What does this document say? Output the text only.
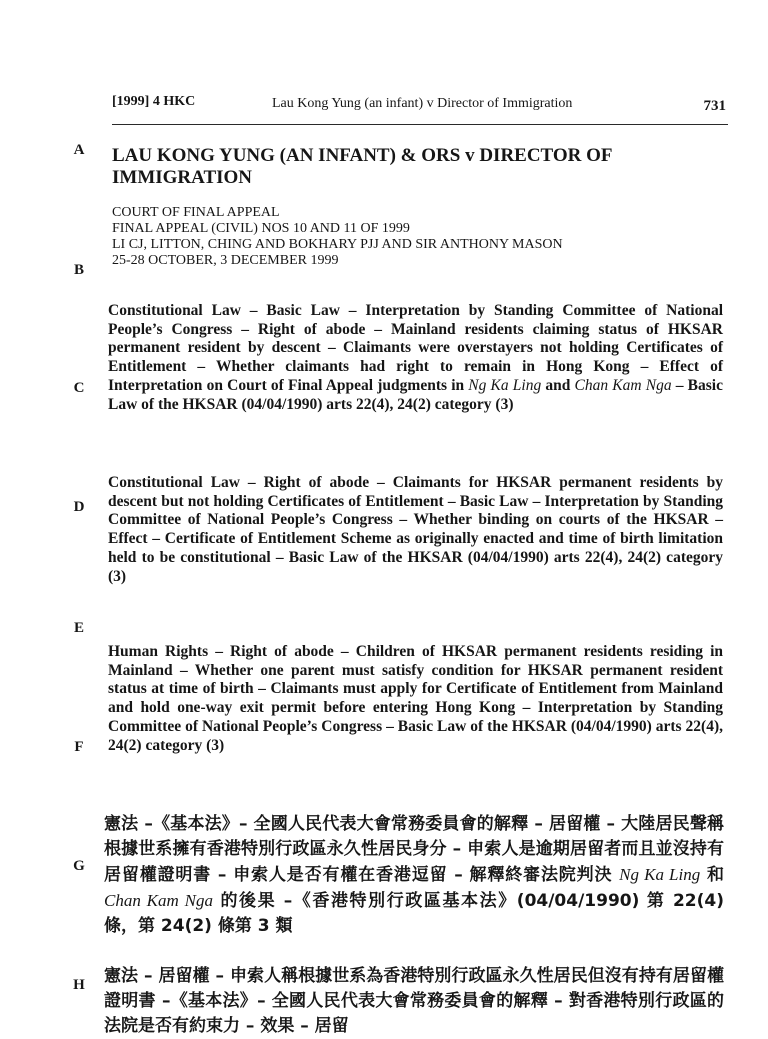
[1999] 4 HKC	Lau Kong Yung (an infant) v Director of Immigration	731
A
B
C
D
E
F
G
H
LAU KONG YUNG (AN INFANT) & ORS v DIRECTOR OF IMMIGRATION
COURT OF FINAL APPEAL
FINAL APPEAL (CIVIL) NOS 10 AND 11 OF 1999
LI CJ, LITTON, CHING AND BOKHARY PJJ AND SIR ANTHONY MASON
25-28 OCTOBER, 3 DECEMBER 1999
Constitutional Law – Basic Law – Interpretation by Standing Committee of National People’s Congress – Right of abode – Mainland residents claiming status of HKSAR permanent resident by descent – Claimants were overstayers not holding Certificates of Entitlement – Whether claimants had right to remain in Hong Kong – Effect of Interpretation on Court of Final Appeal judgments in Ng Ka Ling and Chan Kam Nga – Basic Law of the HKSAR (04/04/1990) arts 22(4), 24(2) category (3)
Constitutional Law – Right of abode – Claimants for HKSAR permanent residents by descent but not holding Certificates of Entitlement – Basic Law – Interpretation by Standing Committee of National People’s Congress – Whether binding on courts of the HKSAR – Effect – Certificate of Entitlement Scheme as originally enacted and time of birth limitation held to be constitutional – Basic Law of the HKSAR (04/04/1990) arts 22(4), 24(2) category (3)
Human Rights – Right of abode – Children of HKSAR permanent residents residing in Mainland – Whether one parent must satisfy condition for HKSAR permanent resident status at time of birth – Claimants must apply for Certificate of Entitlement from Mainland and hold one-way exit permit before entering Hong Kong – Interpretation by Standing Committee of National People’s Congress – Basic Law of the HKSAR (04/04/1990) arts 22(4), 24(2) category (3)
憲法 –《基本法》– 全國人民代表大會常務委員會的解釋 – 居留權 – 大陸居民聲稱根據世系擁有香港特別行政區永久性居民身分 – 申索人是逾期居留者而且並沒持有居留權證明書 – 申索人是否有權在香港逗留 – 解釋終審法院判決 Ng Ka Ling 和 Chan Kam Nga 的後果 –《香港特別行政區基本法》(04/04/1990) 第 22(4) 條，第 24(2) 條第 3 類
憲法 – 居留權 – 申索人稱根據世系為香港特別行政區永久性居民但沒有持有居留權證明書 –《基本法》– 全國人民代表大會常務委員會的解釋 – 對香港特別行政區的法院是否有約束力 – 效果 – 居留
